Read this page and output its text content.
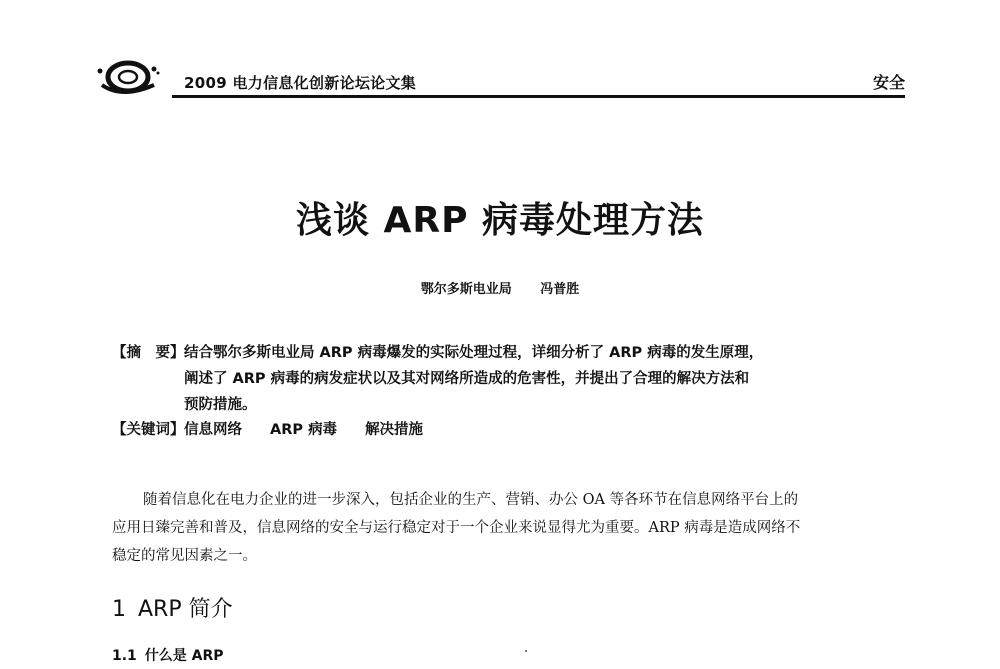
2009 电力信息化创新论坛论文集	安全
浅谈 ARP 病毒处理方法
鄂尔多斯电业局 冯普胜
【摘　要】 结合鄂尔多斯电业局 ARP 病毒爆发的实际处理过程，详细分析了 ARP 病毒的发生原理，
阐述了 ARP 病毒的病发症状以及其对网络所造成的危害性，并提出了合理的解决方法和
预防措施。
【关键词】 信息网络 ARP 病毒 解决措施
随着信息化在电力企业的进一步深入，包括企业的生产、营销、办公 OA 等各环节在信息网络平台上的
应用日臻完善和普及，信息网络的安全与运行稳定对于一个企业来说显得尤为重要。ARP 病毒是造成网络不
稳定的常见因素之一。
1 ARP 简介
1.1 什么是 ARP
